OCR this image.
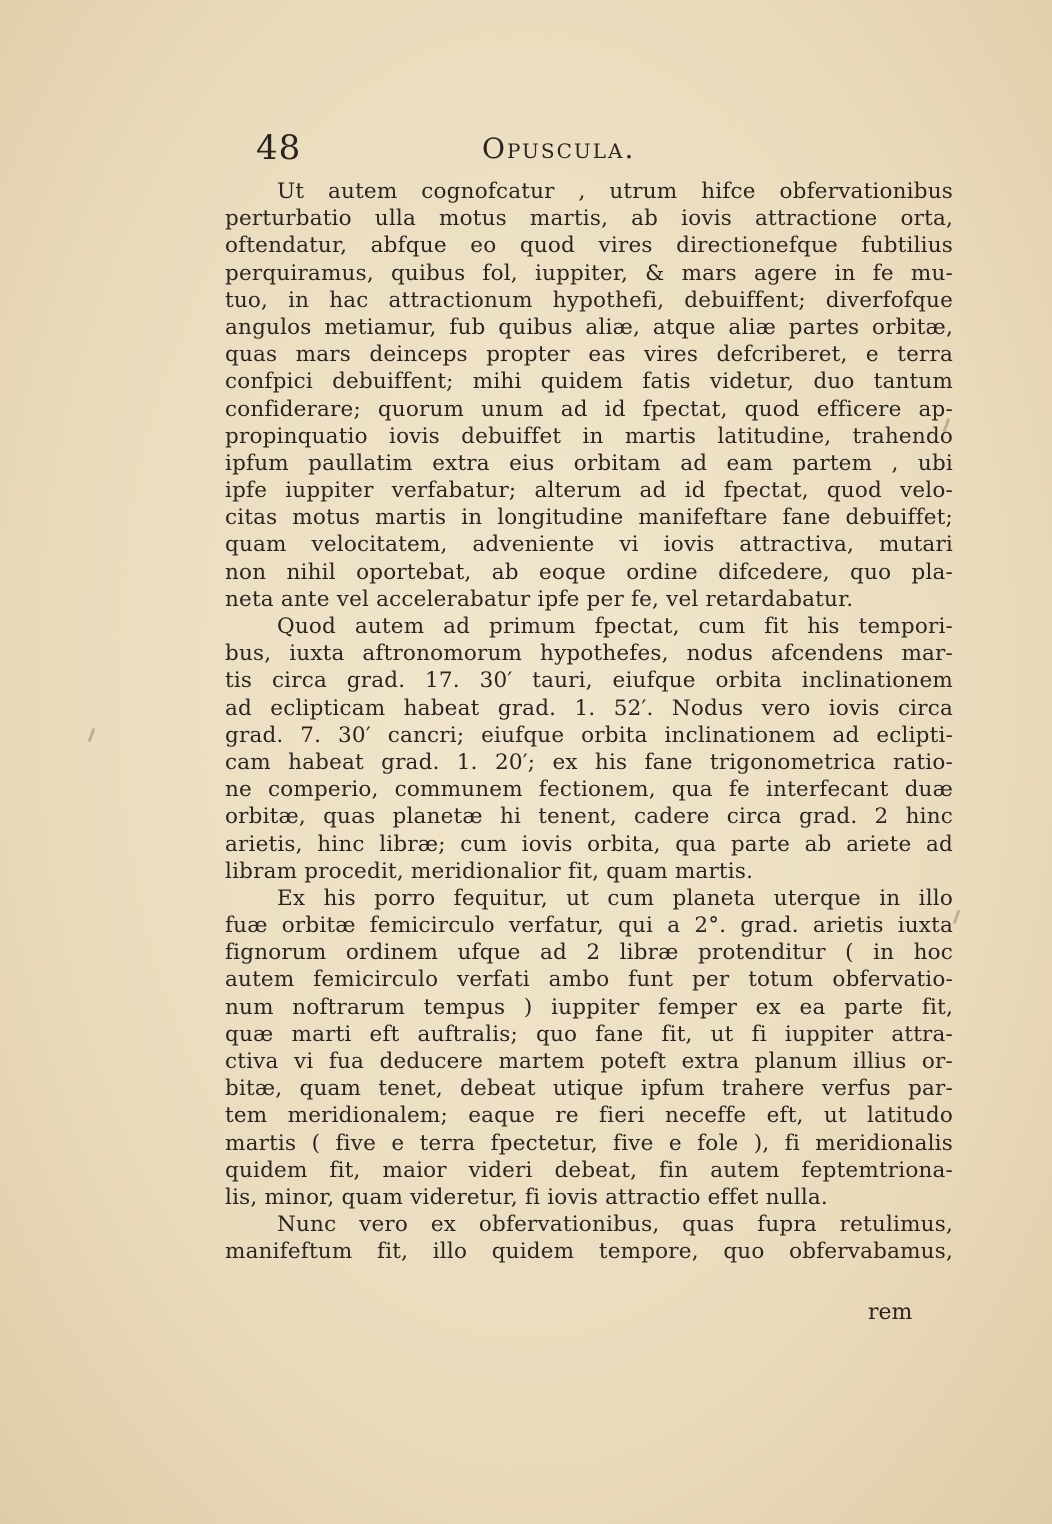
48	Opuscula.
Ut autem cognofcatur , utrum hifce obfervationibus
perturbatio ulla motus martis, ab iovis attractione orta,
oftendatur, abfque eo quod vires directionefque fubtilius
perquiramus, quibus fol, iuppiter, & mars agere in fe mu-
tuo, in hac attractionum hypothefi, debuiffent; diverfofque
angulos metiamur, fub quibus aliæ, atque aliæ partes orbitæ,
quas mars deinceps propter eas vires defcriberet, e terra
confpici debuiffent; mihi quidem fatis videtur, duo tantum
confiderare; quorum unum ad id fpectat, quod efficere ap-
propinquatio iovis debuiffet in martis latitudine, trahendo
ipfum paullatim extra eius orbitam ad eam partem , ubi
ipfe iuppiter verfabatur; alterum ad id fpectat, quod velo-
citas motus martis in longitudine manifeftare fane debuiffet;
quam velocitatem, adveniente vi iovis attractiva, mutari
non nihil oportebat, ab eoque ordine difcedere, quo pla-
neta ante vel accelerabatur ipfe per fe, vel retardabatur.
Quod autem ad primum fpectat, cum fit his tempori-
bus, iuxta aftronomorum hypothefes, nodus afcendens mar-
tis circa grad. 17. 30′ tauri, eiufque orbita inclinationem
ad eclipticam habeat grad. 1. 52′. Nodus vero iovis circa
grad. 7. 30′ cancri; eiufque orbita inclinationem ad eclipti-
cam habeat grad. 1. 20′; ex his fane trigonometrica ratio-
ne comperio, communem fectionem, qua fe interfecant duæ
orbitæ, quas planetæ hi tenent, cadere circa grad. 2 hinc
arietis, hinc libræ; cum iovis orbita, qua parte ab ariete ad
libram procedit, meridionalior fit, quam martis.
Ex his porro fequitur, ut cum planeta uterque in illo
fuæ orbitæ femicirculo verfatur, qui a 2°. grad. arietis iuxta
fignorum ordinem ufque ad 2 libræ protenditur ( in hoc
autem femicirculo verfati ambo funt per totum obfervatio-
num noftrarum tempus ) iuppiter femper ex ea parte fit,
quæ marti eft auftralis; quo fane fit, ut fi iuppiter attra-
ctiva vi fua deducere martem poteft extra planum illius or-
bitæ, quam tenet, debeat utique ipfum trahere verfus par-
tem meridionalem; eaque re fieri neceffe eft, ut latitudo
martis ( five e terra fpectetur, five e fole ), fi meridionalis
quidem fit, maior videri debeat, fin autem feptemtriona-
lis, minor, quam videretur, fi iovis attractio effet nulla.
Nunc vero ex obfervationibus, quas fupra retulimus,
manifeftum fit, illo quidem tempore, quo obfervabamus,
rem
